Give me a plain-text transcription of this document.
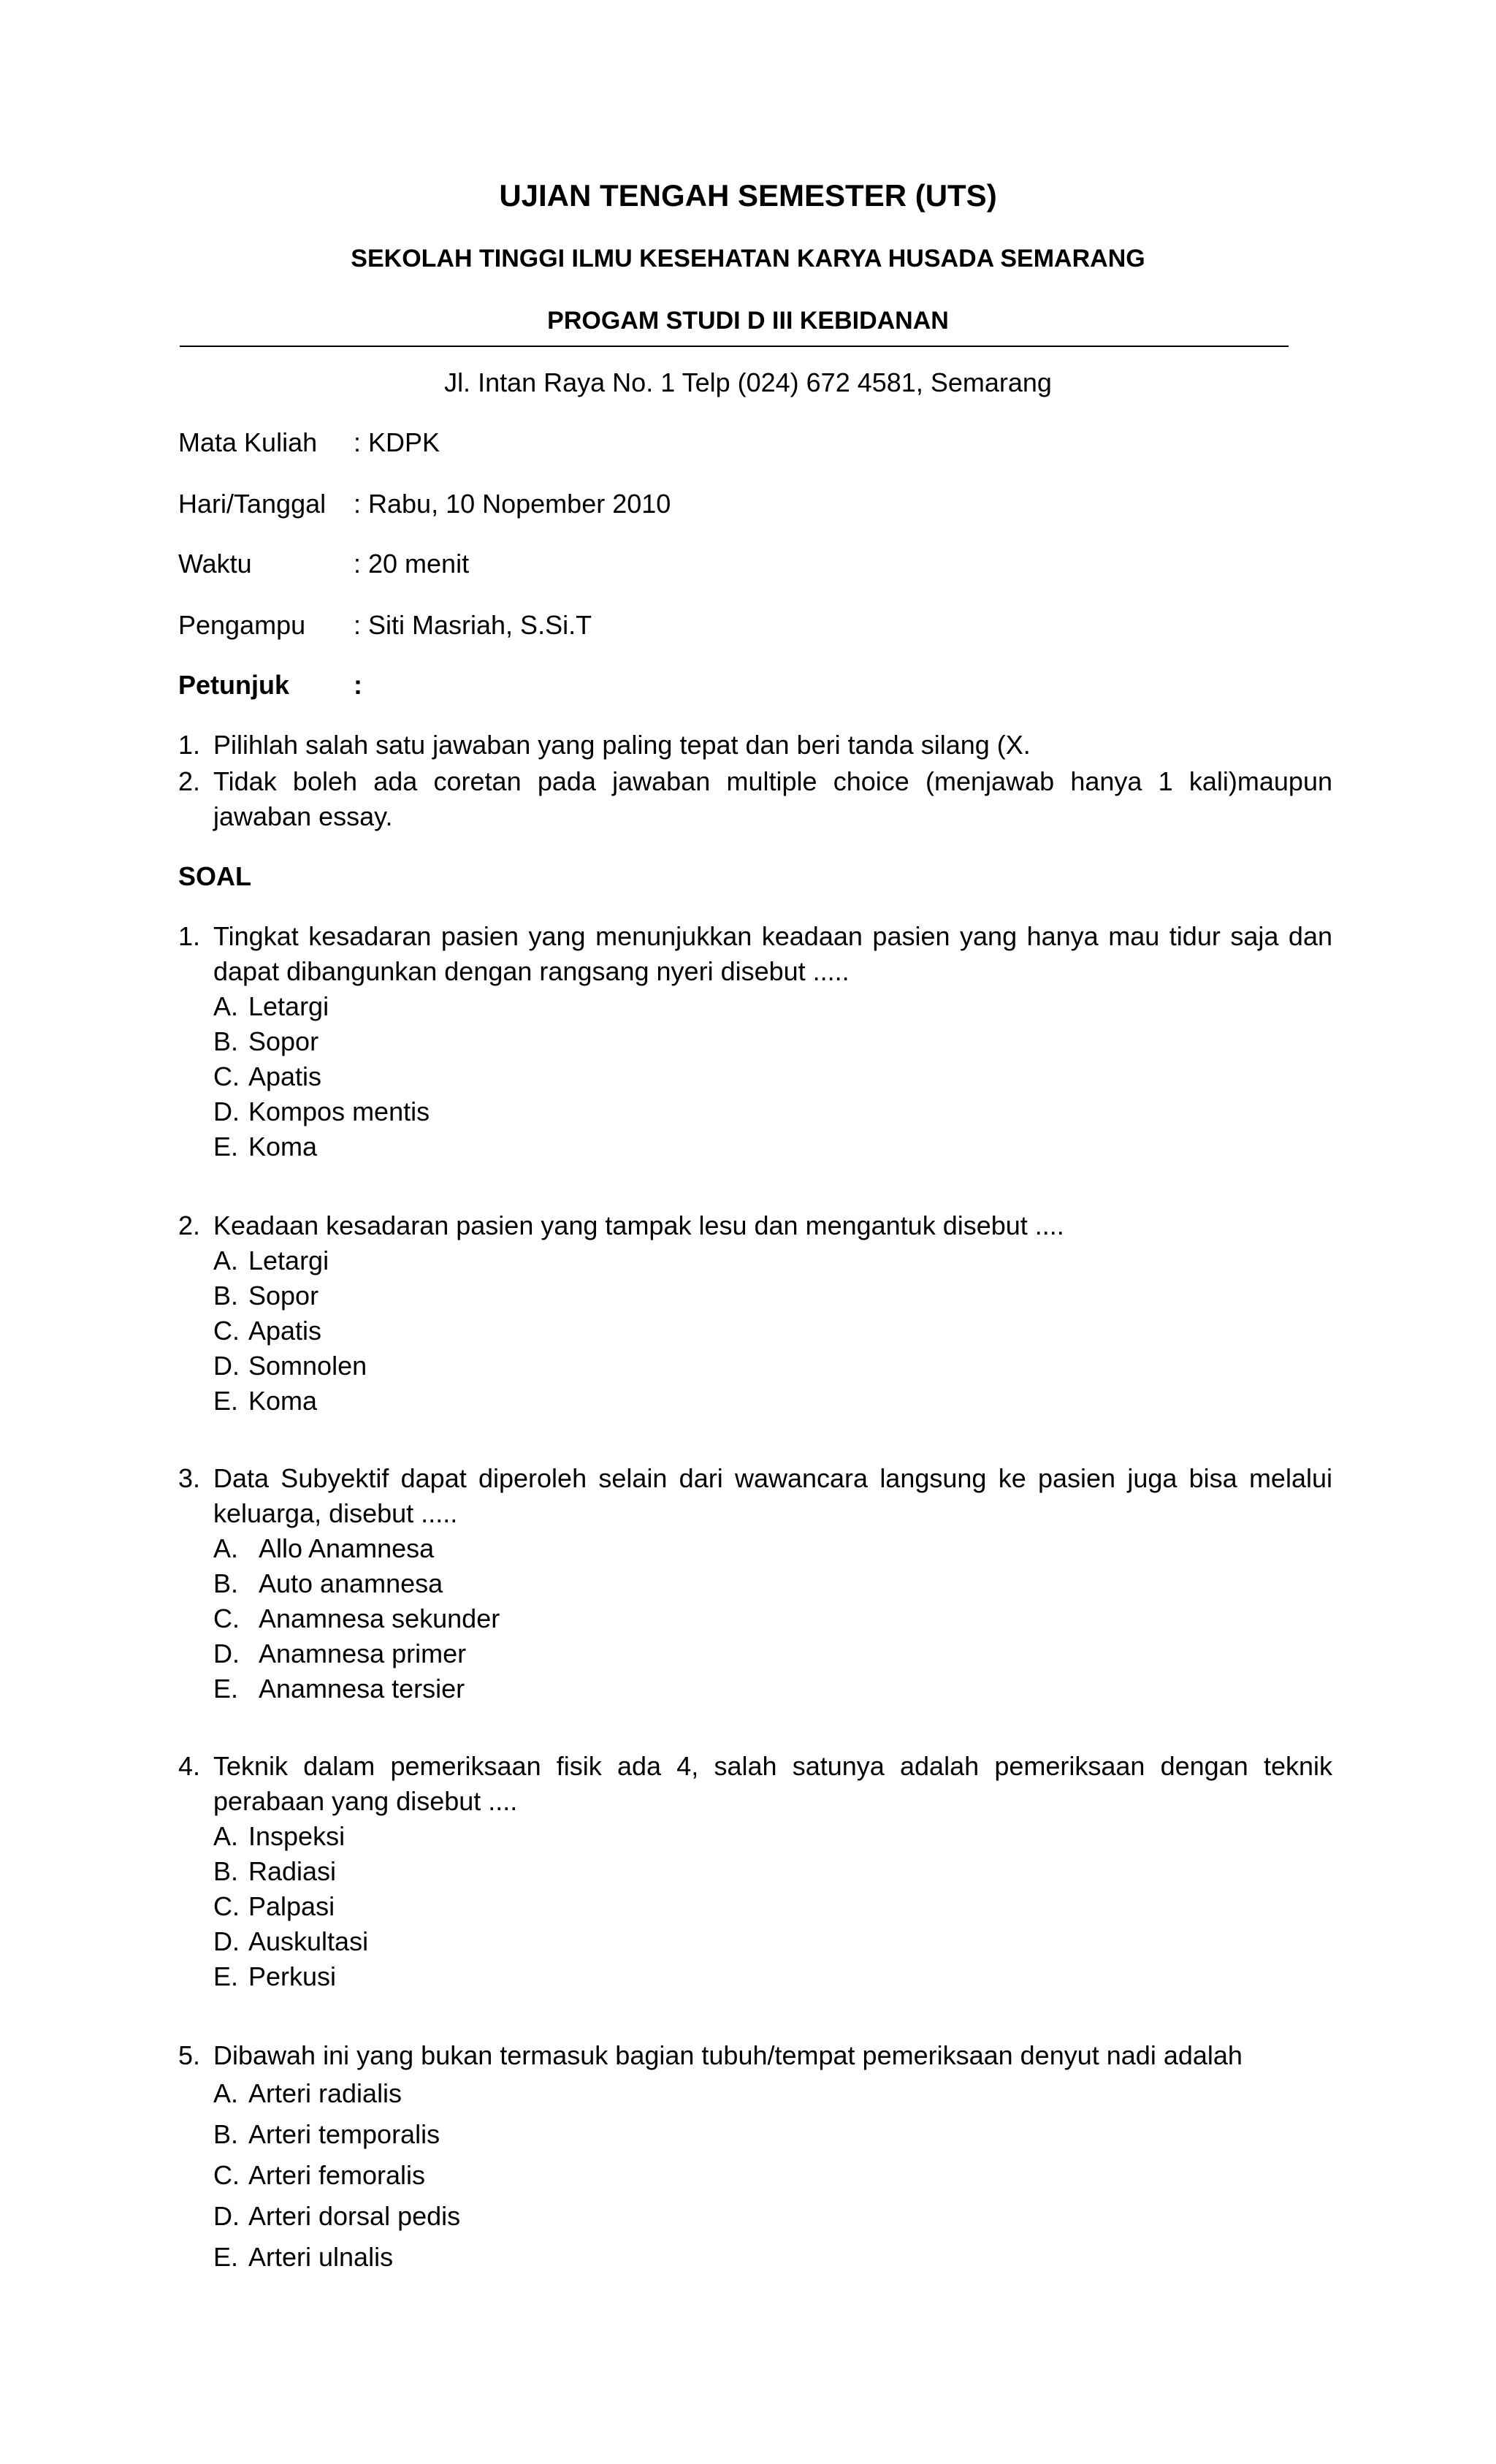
UJIAN TENGAH SEMESTER (UTS)
SEKOLAH TINGGI ILMU KESEHATAN KARYA HUSADA SEMARANG
PROGAM STUDI D III KEBIDANAN
Jl. Intan Raya No. 1 Telp (024) 672 4581, Semarang
Mata Kuliah : KDPK
Hari/Tanggal : Rabu, 10 Nopember 2010
Waktu	: 20 menit
Pengampu : Siti Masriah, S.Si.T
Petunjuk :
1. Pilihlah salah satu jawaban yang paling tepat dan beri tanda silang (X.
2. Tidak boleh ada coretan pada jawaban multiple choice (menjawab hanya 1 kali)maupun jawaban essay.
SOAL
1. Tingkat kesadaran pasien yang menunjukkan keadaan pasien yang hanya mau tidur saja dan dapat dibangunkan dengan rangsang nyeri disebut .....
A. Letargi
B. Sopor
C. Apatis
D. Kompos mentis
E. Koma
2. Keadaan kesadaran pasien yang tampak lesu dan mengantuk disebut ....
A. Letargi
B. Sopor
C. Apatis
D. Somnolen
E. Koma
3. Data Subyektif dapat diperoleh selain dari wawancara langsung ke pasien juga bisa melalui keluarga, disebut .....
A. Allo Anamnesa
B. Auto anamnesa
C. Anamnesa sekunder
D. Anamnesa primer
E. Anamnesa tersier
4. Teknik dalam pemeriksaan fisik ada 4, salah satunya adalah pemeriksaan dengan teknik perabaan yang disebut ....
A. Inspeksi
B. Radiasi
C. Palpasi
D. Auskultasi
E. Perkusi
5. Dibawah ini yang bukan termasuk bagian tubuh/tempat pemeriksaan denyut nadi adalah
A. Arteri radialis
B. Arteri temporalis
C. Arteri femoralis
D. Arteri dorsal pedis
E. Arteri ulnalis
